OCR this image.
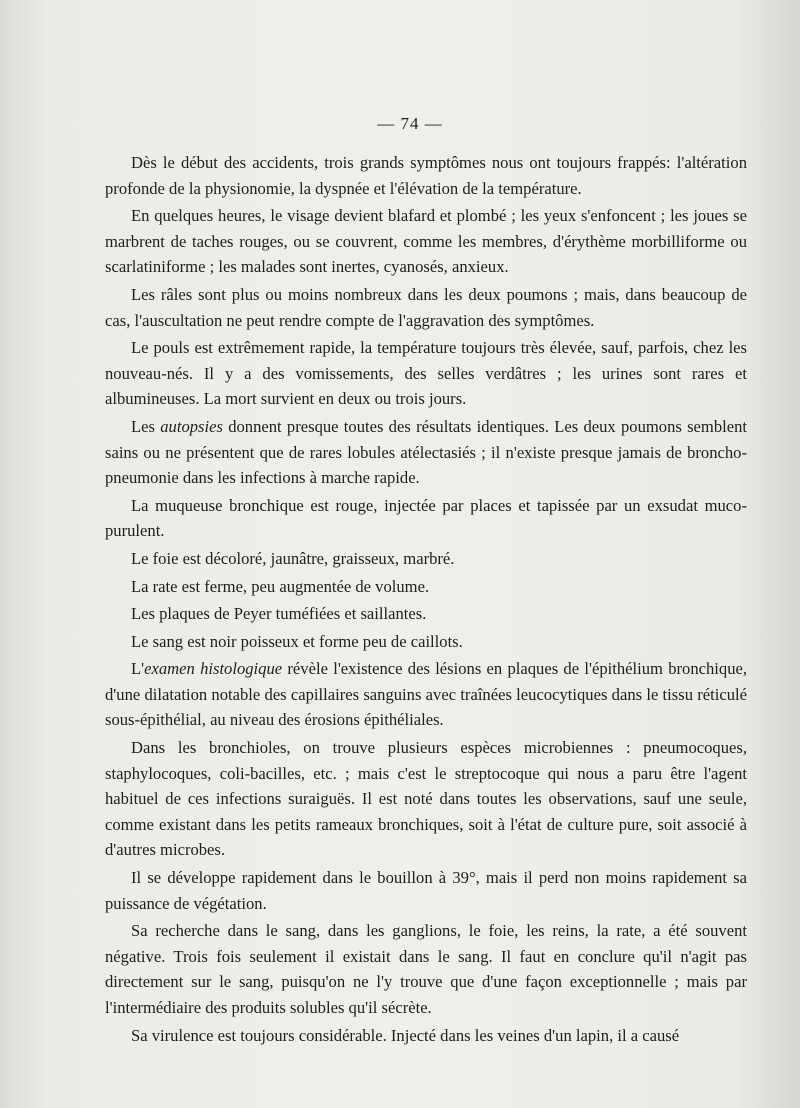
— 74 —

Dès le début des accidents, trois grands symptômes nous ont toujours frappés: l'altération profonde de la physionomie, la dyspnée et l'élévation de la température.

En quelques heures, le visage devient blafard et plombé ; les yeux s'enfoncent ; les joues se marbrent de taches rouges, ou se couvrent, comme les membres, d'érythème morbilliforme ou scarlatiniforme ; les malades sont inertes, cyanosés, anxieux.

Les râles sont plus ou moins nombreux dans les deux poumons ; mais, dans beaucoup de cas, l'auscultation ne peut rendre compte de l'aggravation des symptômes.

Le pouls est extrêmement rapide, la température toujours très élevée, sauf, parfois, chez les nouveau-nés. Il y a des vomissements, des selles verdâtres ; les urines sont rares et albumineuses. La mort survient en deux ou trois jours.

Les autopsies donnent presque toutes des résultats identiques. Les deux poumons semblent sains ou ne présentent que de rares lobules atélectasiés ; il n'existe presque jamais de broncho-pneumonie dans les infections à marche rapide.

La muqueuse bronchique est rouge, injectée par places et tapissée par un exsudat muco-purulent.

Le foie est décoloré, jaunâtre, graisseux, marbré.

La rate est ferme, peu augmentée de volume.

Les plaques de Peyer tuméfiées et saillantes.

Le sang est noir poisseux et forme peu de caillots.

L'examen histologique révèle l'existence des lésions en plaques de l'épithélium bronchique, d'une dilatation notable des capillaires sanguins avec traînées leucocytiques dans le tissu réticulé sous-épithélial, au niveau des érosions épithéliales.

Dans les bronchioles, on trouve plusieurs espèces microbiennes : pneumocoques, staphylocoques, coli-bacilles, etc. ; mais c'est le streptocoque qui nous a paru être l'agent habituel de ces infections suraiguës. Il est noté dans toutes les observations, sauf une seule, comme existant dans les petits rameaux bronchiques, soit à l'état de culture pure, soit associé à d'autres microbes.

Il se développe rapidement dans le bouillon à 39°, mais il perd non moins rapidement sa puissance de végétation.

Sa recherche dans le sang, dans les ganglions, le foie, les reins, la rate, a été souvent négative. Trois fois seulement il existait dans le sang. Il faut en conclure qu'il n'agit pas directement sur le sang, puisqu'on ne l'y trouve que d'une façon exceptionnelle ; mais par l'intermédiaire des produits solubles qu'il sécrète.

Sa virulence est toujours considérable. Injecté dans les veines d'un lapin, il a causé
